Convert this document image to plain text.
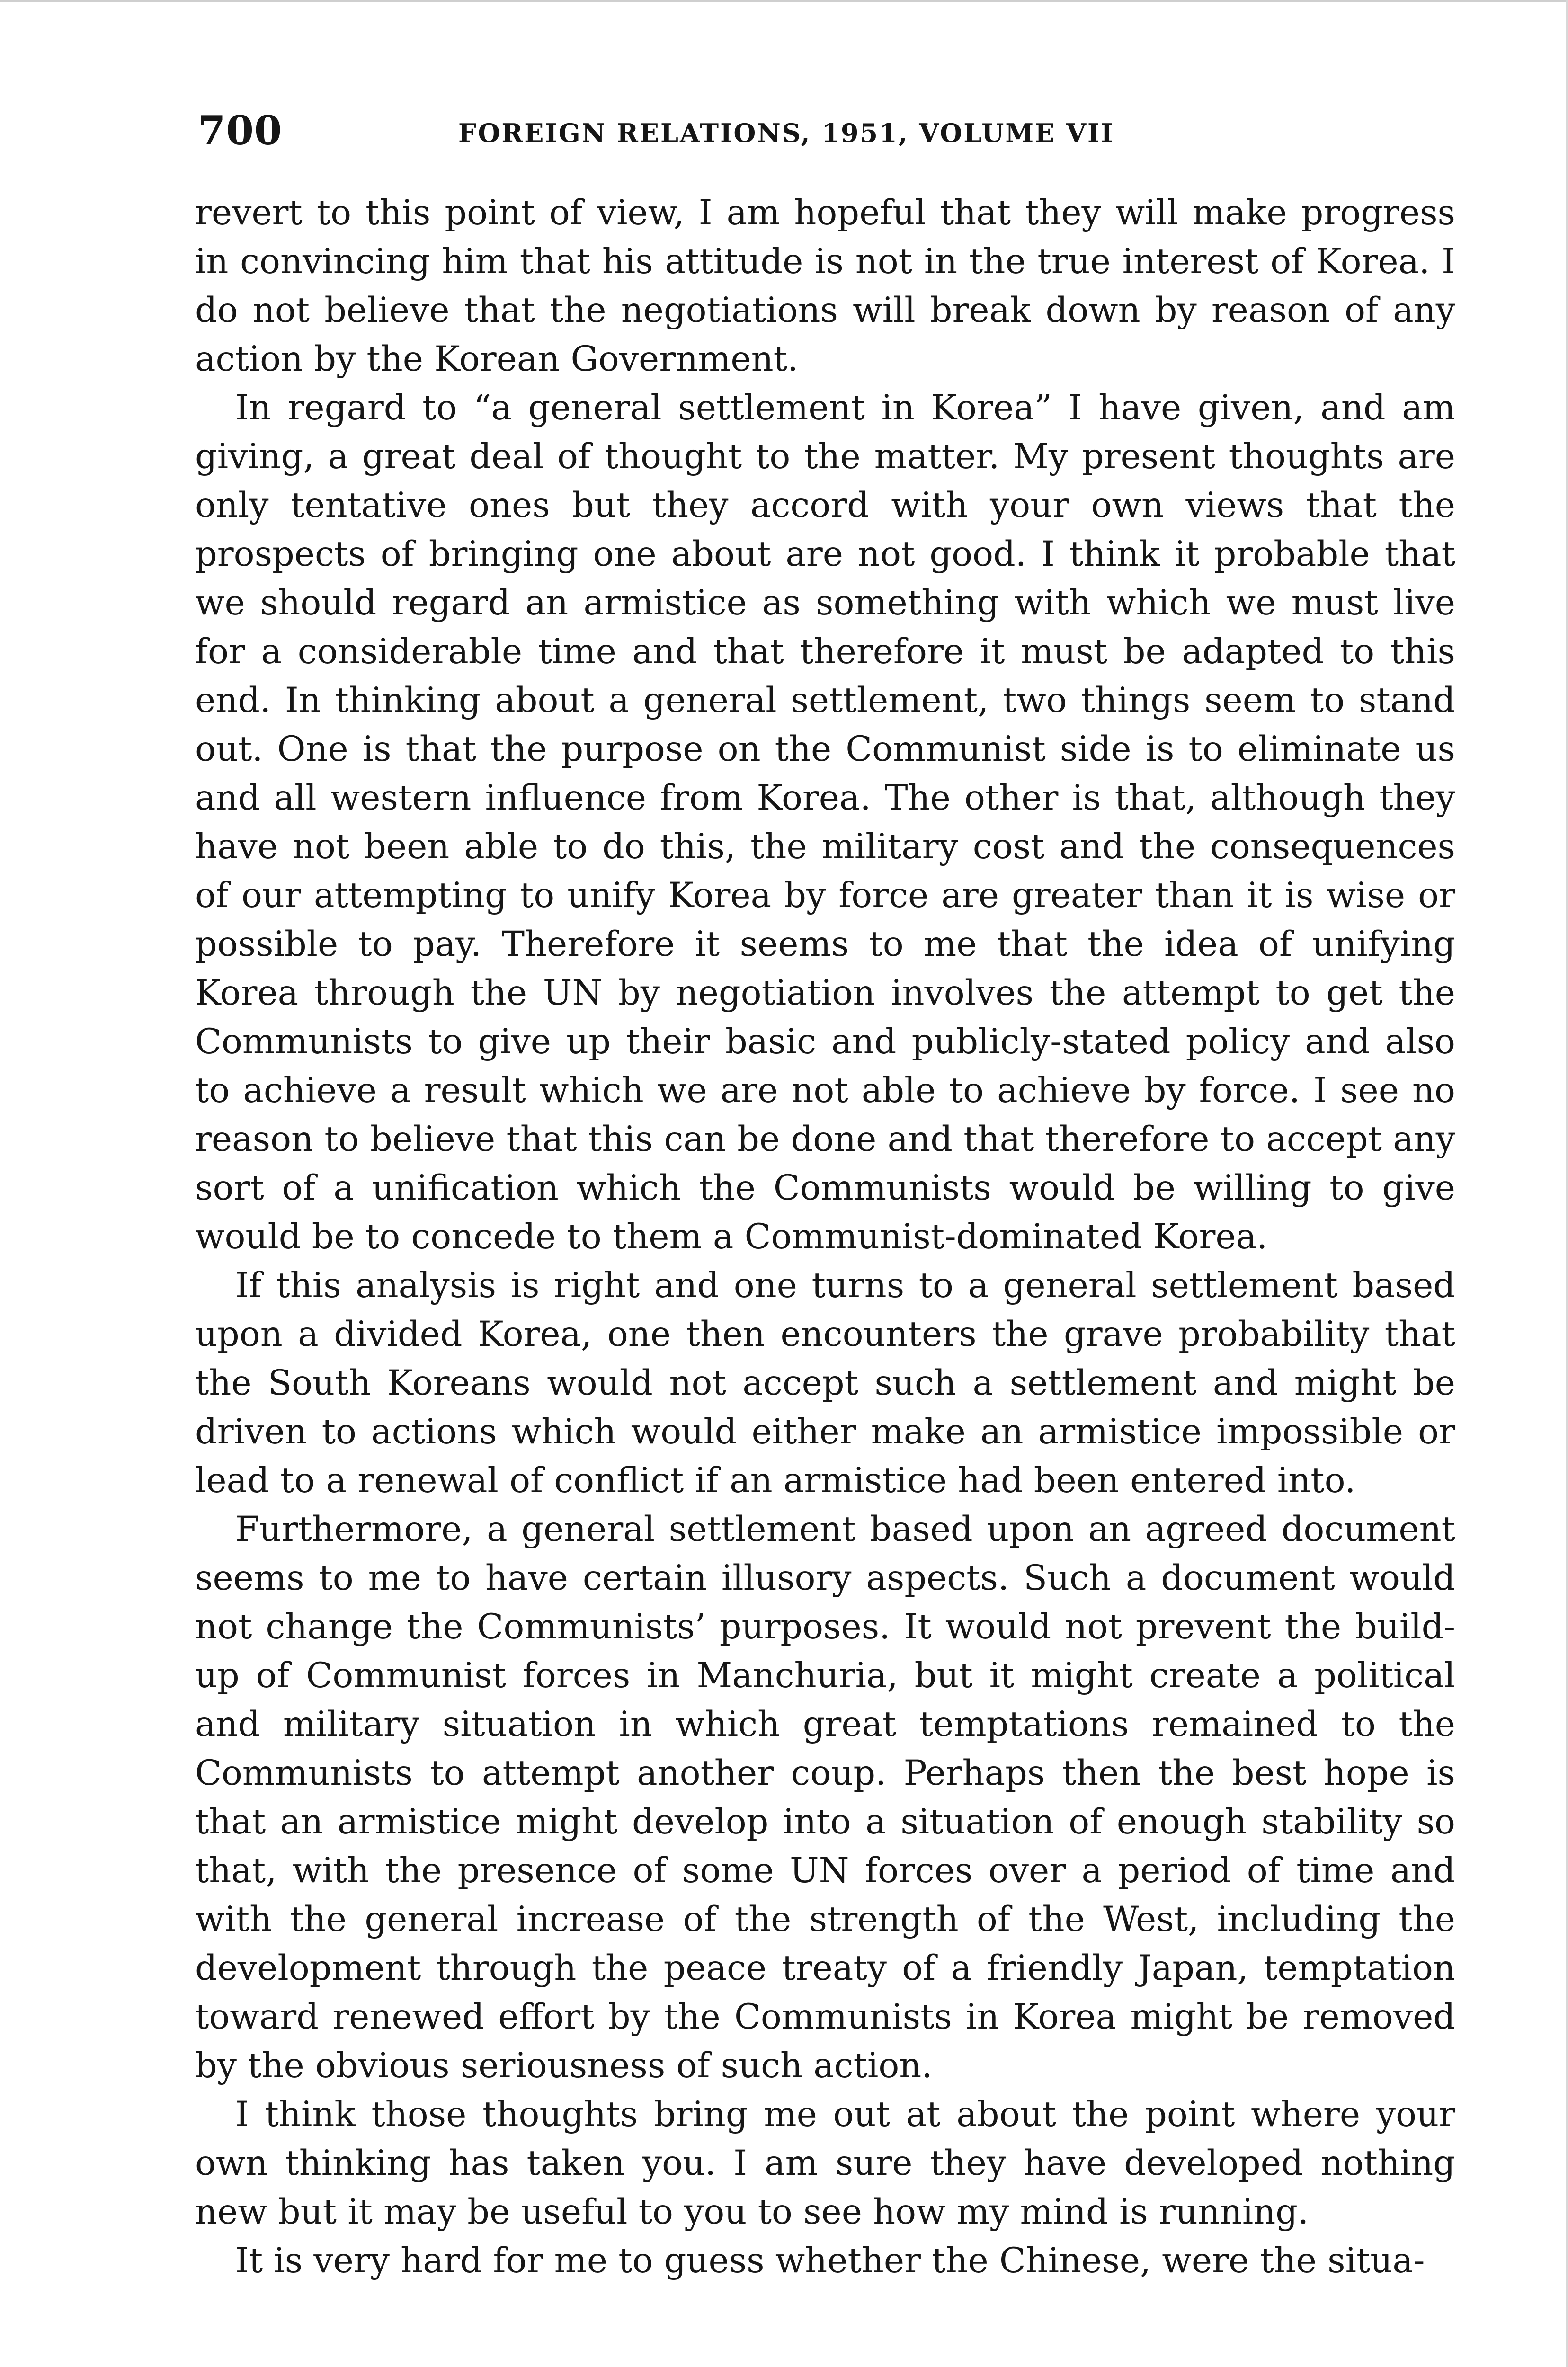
700	FOREIGN RELATIONS, 1951, VOLUME VII

revert to this point of view, I am hopeful that they will make progress in convincing him that his attitude is not in the true interest of Korea. I do not believe that the negotiations will break down by reason of any action by the Korean Government.

In regard to “a general settlement in Korea” I have given, and am giving, a great deal of thought to the matter. My present thoughts are only tentative ones but they accord with your own views that the prospects of bringing one about are not good. I think it probable that we should regard an armistice as something with which we must live for a considerable time and that therefore it must be adapted to this end. In thinking about a general settlement, two things seem to stand out. One is that the purpose on the Communist side is to eliminate us and all western influence from Korea. The other is that, although they have not been able to do this, the military cost and the consequences of our attempting to unify Korea by force are greater than it is wise or possible to pay. Therefore it seems to me that the idea of unifying Korea through the UN by negotiation involves the attempt to get the Communists to give up their basic and publicly-stated policy and also to achieve a result which we are not able to achieve by force. I see no reason to believe that this can be done and that therefore to accept any sort of a unification which the Communists would be willing to give would be to concede to them a Communist-dominated Korea.

If this analysis is right and one turns to a general settlement based upon a divided Korea, one then encounters the grave probability that the South Koreans would not accept such a settlement and might be driven to actions which would either make an armistice impossible or lead to a renewal of conflict if an armistice had been entered into.

Furthermore, a general settlement based upon an agreed document seems to me to have certain illusory aspects. Such a document would not change the Communists’ purposes. It would not prevent the build-up of Communist forces in Manchuria, but it might create a political and military situation in which great temptations remained to the Communists to attempt another coup. Perhaps then the best hope is that an armistice might develop into a situation of enough stability so that, with the presence of some UN forces over a period of time and with the general increase of the strength of the West, including the development through the peace treaty of a friendly Japan, temptation toward renewed effort by the Communists in Korea might be removed by the obvious seriousness of such action.

I think those thoughts bring me out at about the point where your own thinking has taken you. I am sure they have developed nothing new but it may be useful to you to see how my mind is running.

It is very hard for me to guess whether the Chinese, were the situa-
